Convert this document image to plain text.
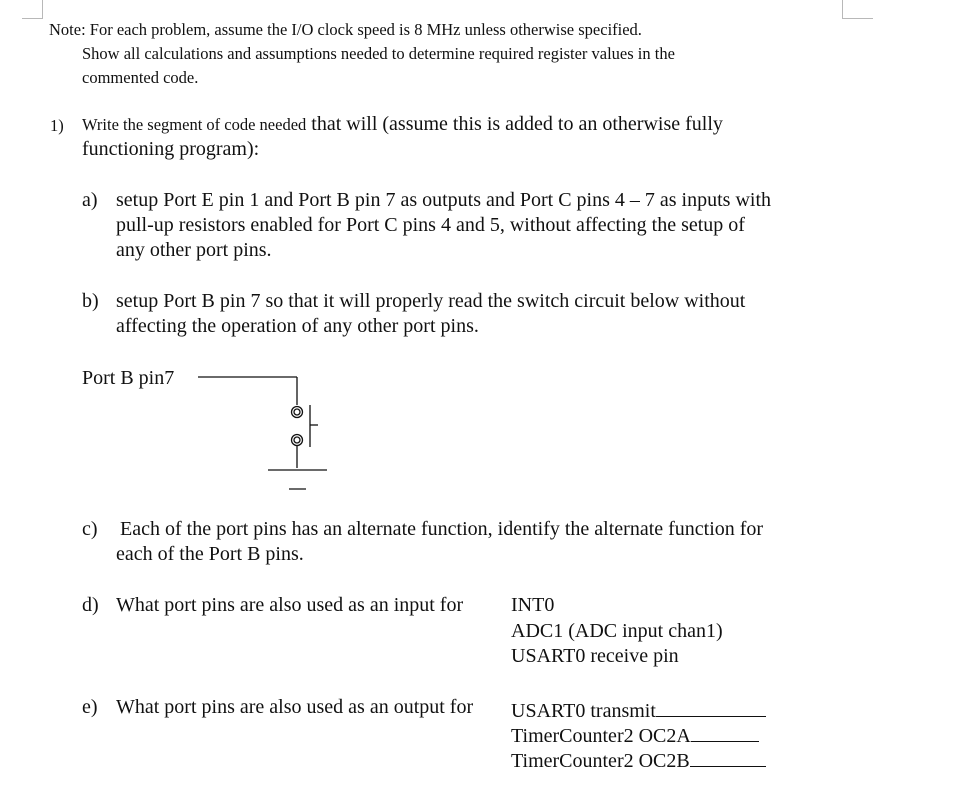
Note: For each problem, assume the I/O clock speed is 8 MHz unless otherwise specified.
Show all calculations and assumptions needed to determine required register values in the
commented code.
1) Write the segment of code needed that will (assume this is added to an otherwise fully
functioning program):
a) setup Port E pin 1 and Port B pin 7 as outputs and Port C pins 4 – 7 as inputs with
pull-up resistors enabled for Port C pins 4 and 5, without affecting the setup of
any other port pins.
b) setup Port B pin 7 so that it will properly read the switch circuit below without
affecting the operation of any other port pins.
Port B pin7
c) Each of the port pins has an alternate function, identify the alternate function for
each of the Port B pins.
d) What port pins are also used as an input for INT0
ADC1 (ADC input chan1)
USART0 receive pin
e) What port pins are also used as an output for USART0 transmit
TimerCounter2 OC2A
TimerCounter2 OC2B
